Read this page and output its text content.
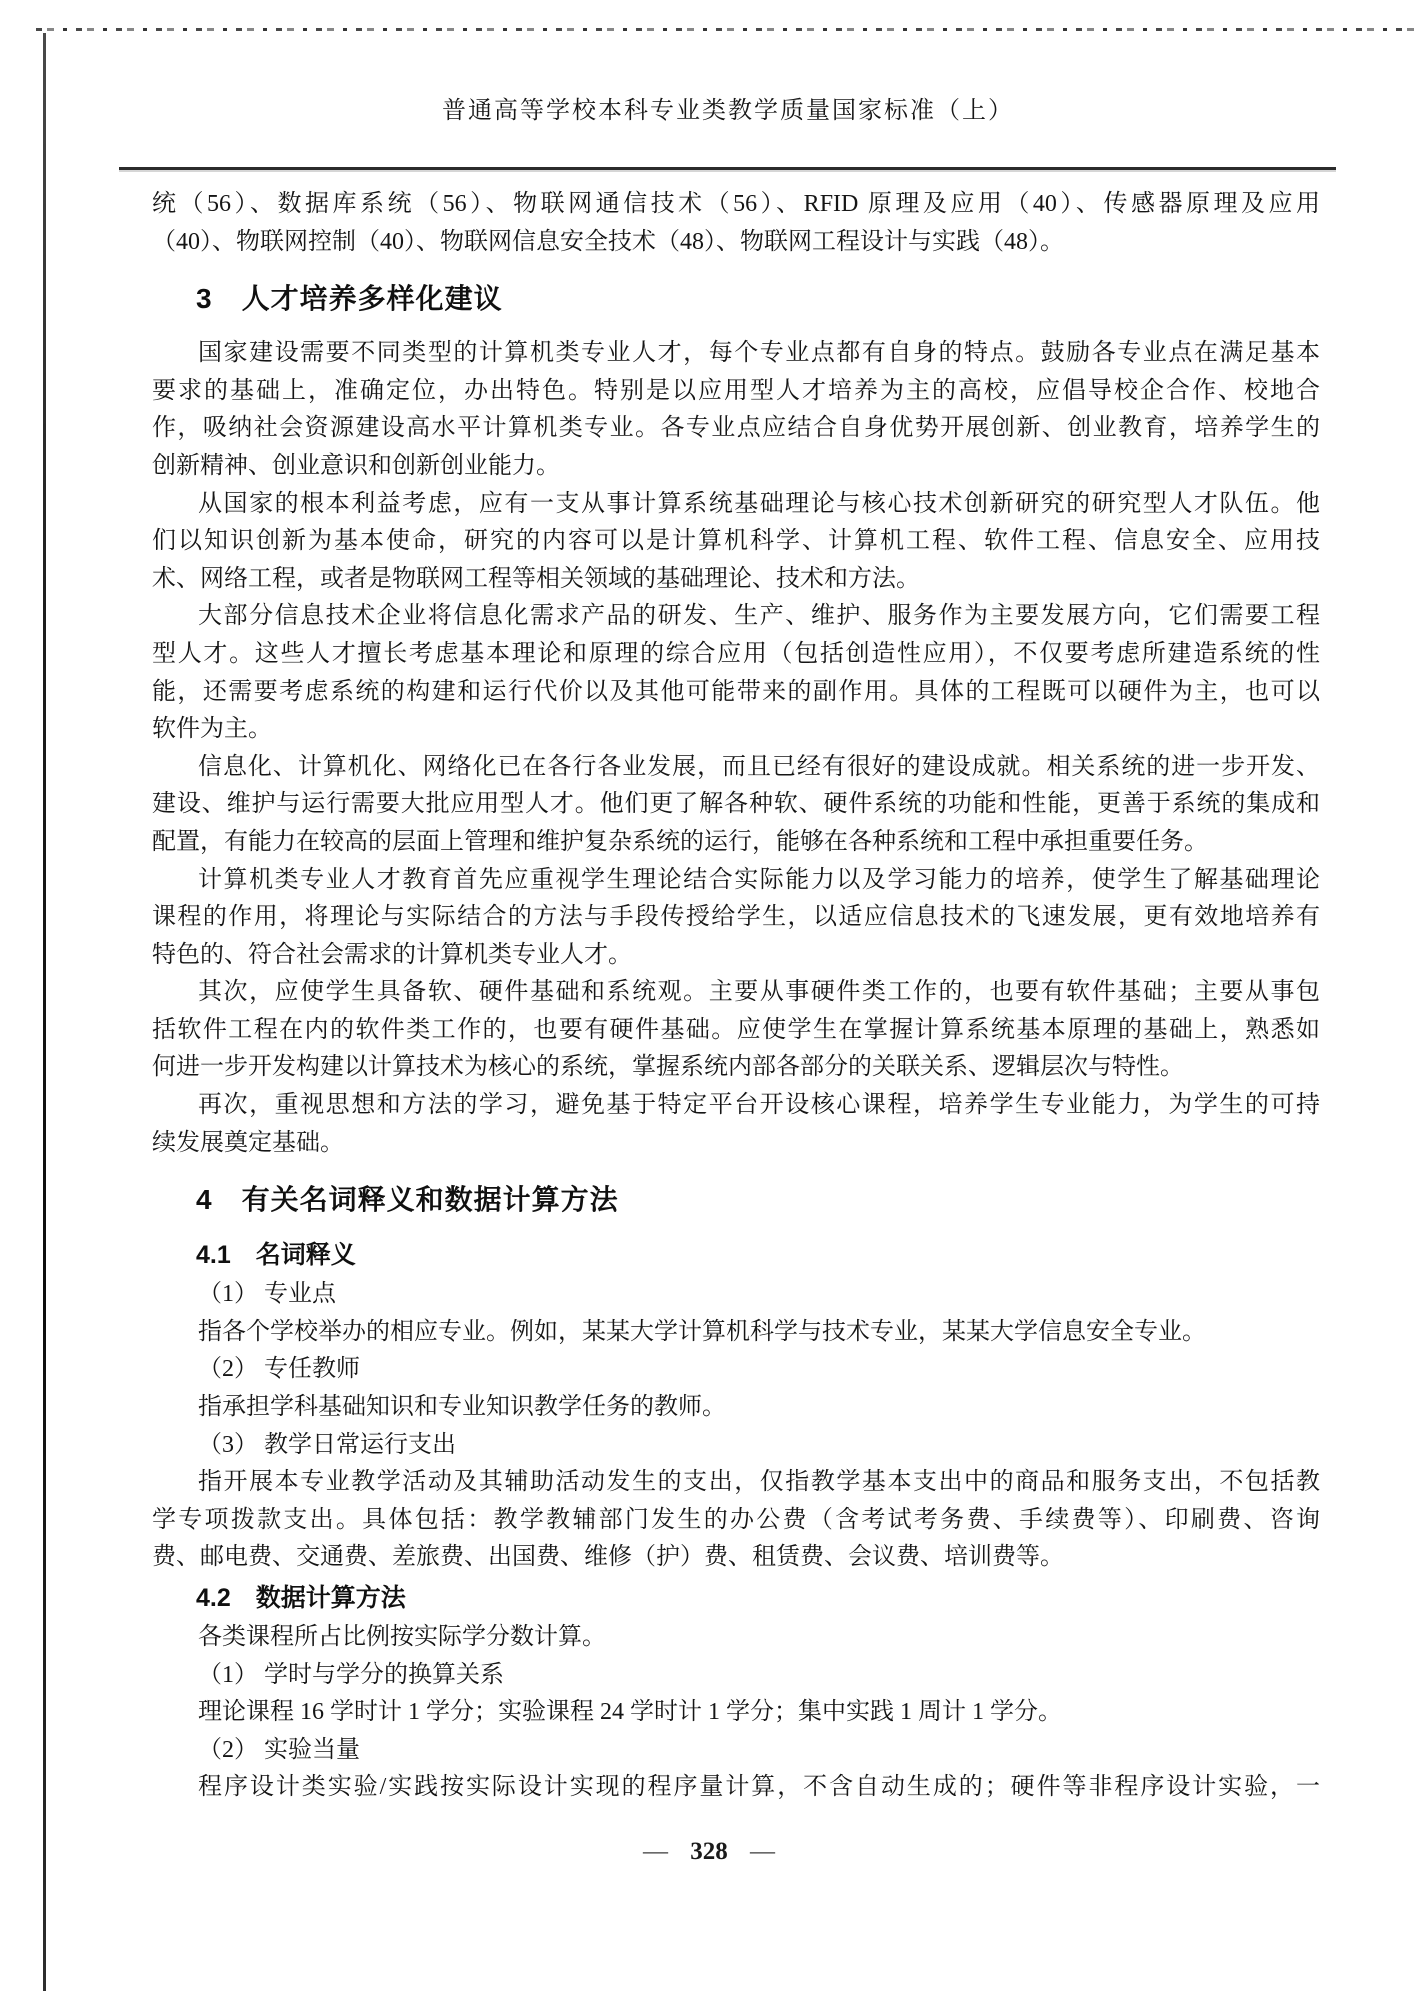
普通高等学校本科专业类教学质量国家标准（上）
统（56）、数据库系统（56）、物联网通信技术（56）、RFID 原理及应用（40）、传感器原理及应用
（40）、物联网控制（40）、物联网信息安全技术（48）、物联网工程设计与实践（48）。
3　人才培养多样化建议
国家建设需要不同类型的计算机类专业人才，每个专业点都有自身的特点。鼓励各专业点在满足基本
要求的基础上，准确定位，办出特色。特别是以应用型人才培养为主的高校，应倡导校企合作、校地合
作，吸纳社会资源建设高水平计算机类专业。各专业点应结合自身优势开展创新、创业教育，培养学生的
创新精神、创业意识和创新创业能力。
从国家的根本利益考虑，应有一支从事计算系统基础理论与核心技术创新研究的研究型人才队伍。他
们以知识创新为基本使命，研究的内容可以是计算机科学、计算机工程、软件工程、信息安全、应用技
术、网络工程，或者是物联网工程等相关领域的基础理论、技术和方法。
大部分信息技术企业将信息化需求产品的研发、生产、维护、服务作为主要发展方向，它们需要工程
型人才。这些人才擅长考虑基本理论和原理的综合应用（包括创造性应用），不仅要考虑所建造系统的性
能，还需要考虑系统的构建和运行代价以及其他可能带来的副作用。具体的工程既可以硬件为主，也可以
软件为主。
信息化、计算机化、网络化已在各行各业发展，而且已经有很好的建设成就。相关系统的进一步开发、
建设、维护与运行需要大批应用型人才。他们更了解各种软、硬件系统的功能和性能，更善于系统的集成和
配置，有能力在较高的层面上管理和维护复杂系统的运行，能够在各种系统和工程中承担重要任务。
计算机类专业人才教育首先应重视学生理论结合实际能力以及学习能力的培养，使学生了解基础理论
课程的作用，将理论与实际结合的方法与手段传授给学生，以适应信息技术的飞速发展，更有效地培养有
特色的、符合社会需求的计算机类专业人才。
其次，应使学生具备软、硬件基础和系统观。主要从事硬件类工作的，也要有软件基础；主要从事包
括软件工程在内的软件类工作的，也要有硬件基础。应使学生在掌握计算系统基本原理的基础上，熟悉如
何进一步开发构建以计算技术为核心的系统，掌握系统内部各部分的关联关系、逻辑层次与特性。
再次，重视思想和方法的学习，避免基于特定平台开设核心课程，培养学生专业能力，为学生的可持
续发展奠定基础。
4　有关名词释义和数据计算方法
4.1　名词释义
（1） 专业点
指各个学校举办的相应专业。例如，某某大学计算机科学与技术专业，某某大学信息安全专业。
（2） 专任教师
指承担学科基础知识和专业知识教学任务的教师。
（3） 教学日常运行支出
指开展本专业教学活动及其辅助活动发生的支出，仅指教学基本支出中的商品和服务支出，不包括教
学专项拨款支出。具体包括：教学教辅部门发生的办公费（含考试考务费、手续费等）、印刷费、咨询
费、邮电费、交通费、差旅费、出国费、维修（护）费、租赁费、会议费、培训费等。
4.2　数据计算方法
各类课程所占比例按实际学分数计算。
（1） 学时与学分的换算关系
理论课程 16 学时计 1 学分；实验课程 24 学时计 1 学分；集中实践 1 周计 1 学分。
（2） 实验当量
程序设计类实验/实践按实际设计实现的程序量计算，不含自动生成的；硬件等非程序设计实验，一
— 328 —
